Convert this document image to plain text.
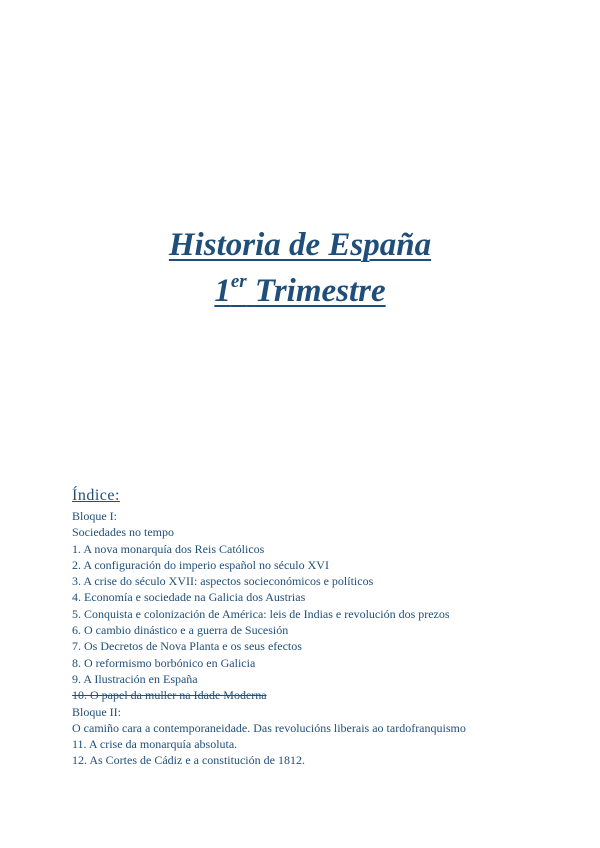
Historia de España
1er Trimestre
Índice:
Bloque I:
Sociedades no tempo
1. A nova monarquía dos Reis Católicos
2. A configuración do imperio español no século XVI
3. A crise do século XVII: aspectos socieconómicos e políticos
4. Economía e sociedade na Galicia dos Austrias
5. Conquista e colonización de América: leis de Indias e revolución dos prezos
6. O cambio dinástico e a guerra de Sucesión
7. Os Decretos de Nova Planta e os seus efectos
8. O reformismo borbónico en Galicia
9. A Ilustración en España
10. O papel da muller na Idade Moderna
Bloque II:
O camiño cara a contemporaneidade. Das revolucións liberais ao tardofranquismo
11. A crise da monarquía absoluta.
12. As Cortes de Cádiz e a constitución de 1812.
